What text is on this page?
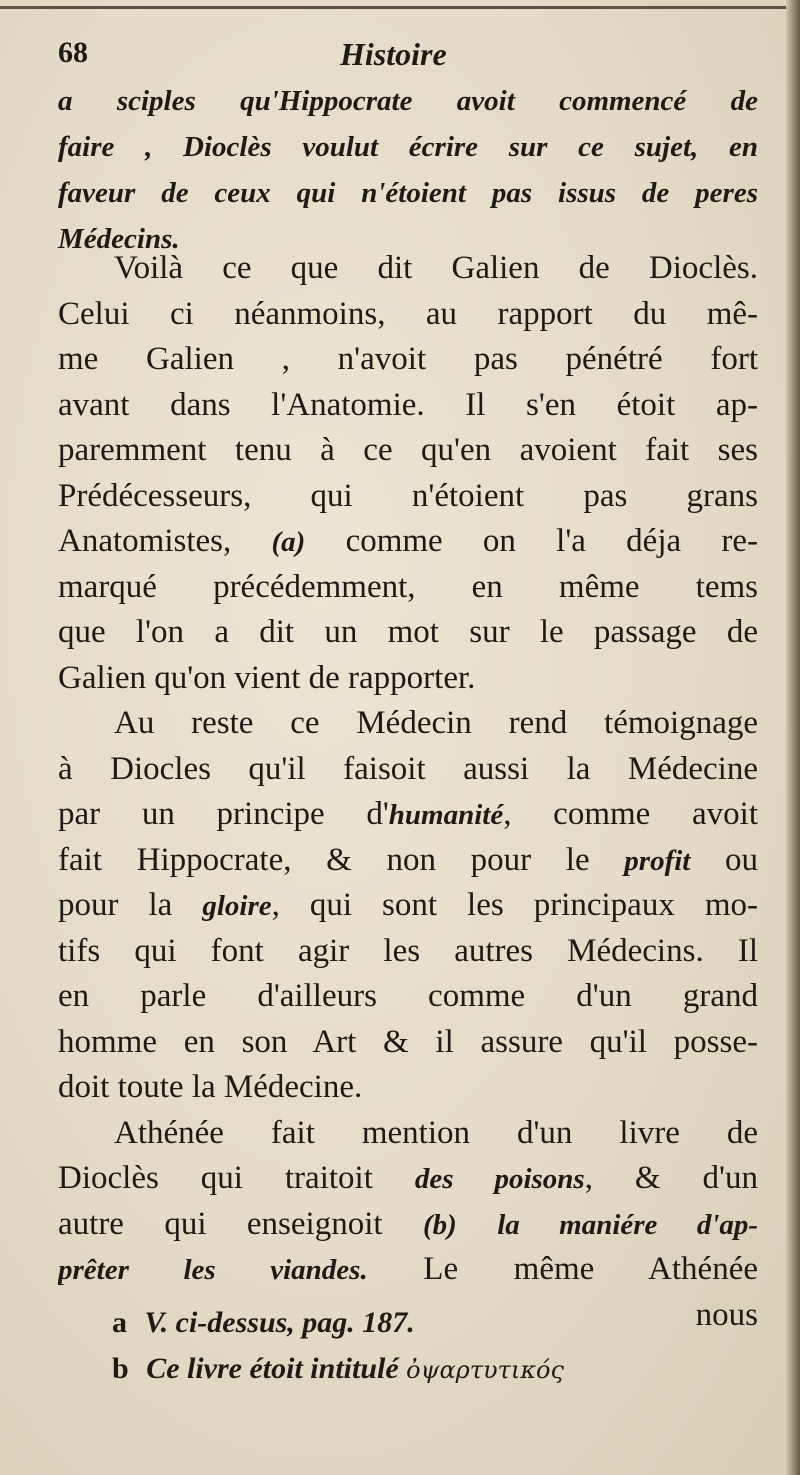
68	Histoire
a sciples qu'Hippocrate avoit commencé de
faire , Dioclès voulut écrire sur ce sujet, en
faveur de ceux qui n'étoient pas issus de peres
Médecins.
Voilà ce que dit Galien de Dioclès.
Celui ci néanmoins, au rapport du mê-
me Galien , n'avoit pas pénétré fort
avant dans l'Anatomie. Il s'en étoit ap-
paremment tenu à ce qu'en avoient fait ses
Prédécesseurs, qui n'étoient pas grans
Anatomistes, (a) comme on l'a déja re-
marqué précédemment, en même tems
que l'on a dit un mot sur le passage de
Galien qu'on vient de rapporter.
Au reste ce Médecin rend témoignage
à Diocles qu'il faisoit aussi la Médecine
par un principe d'humanité, comme avoit
fait Hippocrate, & non pour le profit ou
pour la gloire, qui sont les principaux mo-
tifs qui font agir les autres Médecins. Il
en parle d'ailleurs comme d'un grand
homme en son Art & il assure qu'il posse-
doit toute la Médecine.
Athénée fait mention d'un livre de
Dioclès qui traitoit des poisons, & d'un
autre qui enseignoit (b) la maniére d'ap-
prêter les viandes. Le même Athénée
nous
a V. ci-dessus, pag. 187.
b Ce livre étoit intitulé ὀψαρτυτικός
